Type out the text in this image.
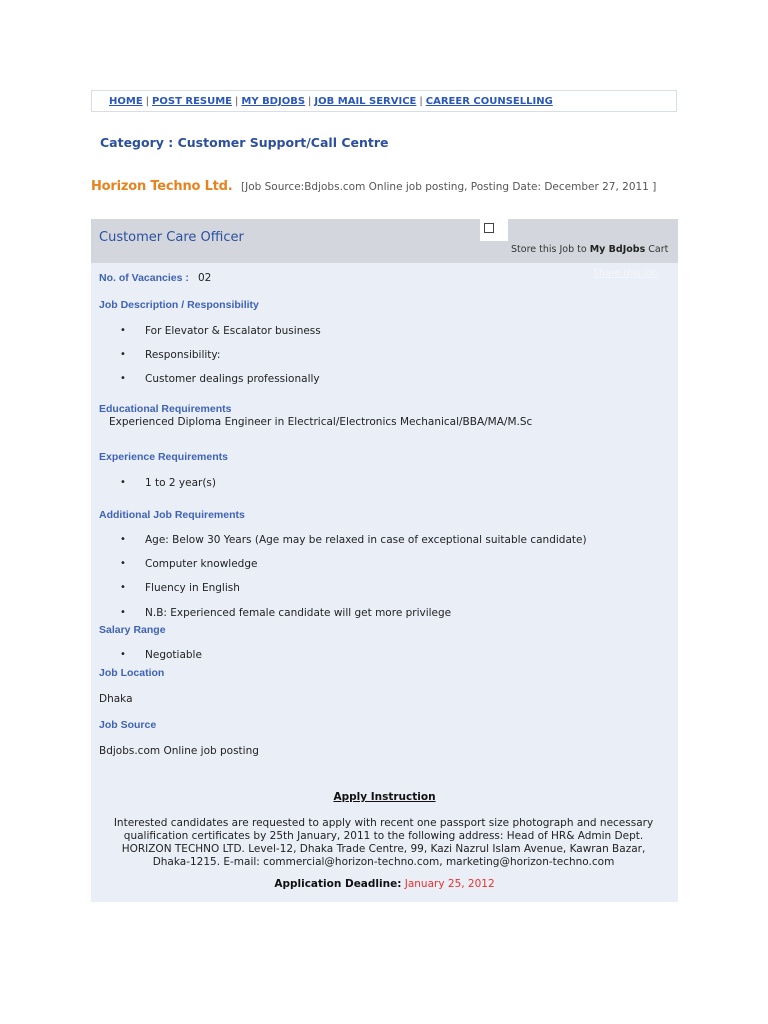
HOME | POST RESUME | MY BDJOBS | JOB MAIL SERVICE | CAREER COUNSELLING
Category : Customer Support/Call Centre
Horizon Techno Ltd. [Job Source:Bdjobs.com Online job posting, Posting Date: December 27, 2011 ]
Customer Care Officer
Store this Job to My BdJobs Cart
Share this Job
No. of Vacancies : 02
Job Description / Responsibility
• For Elevator & Escalator business
• Responsibility:
• Customer dealings professionally
Educational Requirements
Experienced Diploma Engineer in Electrical/Electronics Mechanical/BBA/MA/M.Sc
Experience Requirements
• 1 to 2 year(s)
Additional Job Requirements
• Age: Below 30 Years (Age may be relaxed in case of exceptional suitable candidate)
• Computer knowledge
• Fluency in English
• N.B: Experienced female candidate will get more privilege
Salary Range
• Negotiable
Job Location
Dhaka
Job Source
Bdjobs.com Online job posting
Apply Instruction
Interested candidates are requested to apply with recent one passport size photograph and necessary qualification certificates by 25th January, 2011 to the following address: Head of HR& Admin Dept. HORIZON TECHNO LTD. Level-12, Dhaka Trade Centre, 99, Kazi Nazrul Islam Avenue, Kawran Bazar, Dhaka-1215. E-mail: commercial@horizon-techno.com, marketing@horizon-techno.com
Application Deadline: January 25, 2012
